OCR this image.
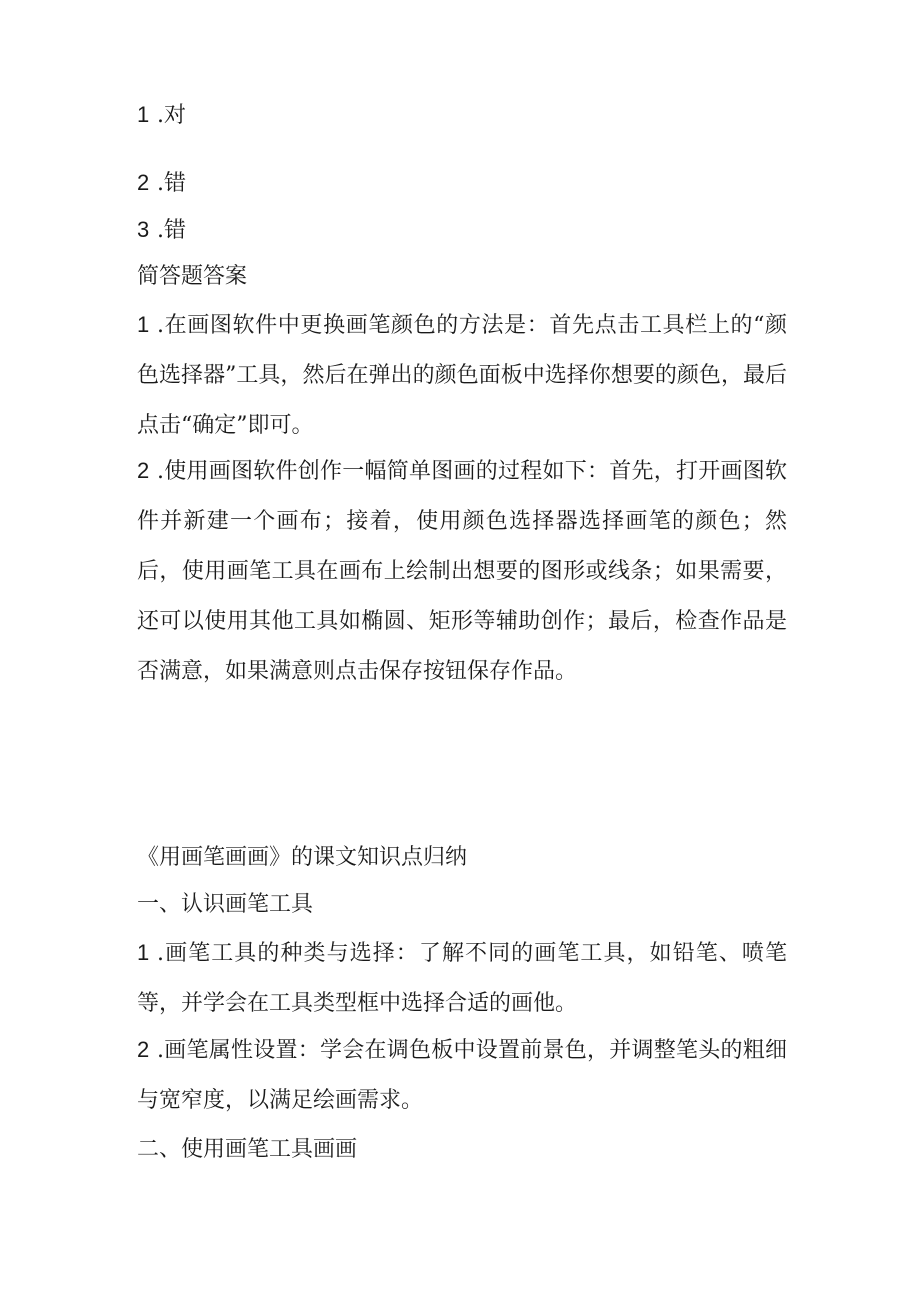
1 .对
2 .错
3 .错
简答题答案

1 .在画图软件中更换画笔颜色的方法是：首先点击工具栏上的“颜色选择器”工具，然后在弹出的颜色面板中选择你想要的颜色，最后点击“确定”即可。

2 .使用画图软件创作一幅简单图画的过程如下：首先，打开画图软件并新建一个画布；接着，使用颜色选择器选择画笔的颜色；然后，使用画笔工具在画布上绘制出想要的图形或线条；如果需要，还可以使用其他工具如椭圆、矩形等辅助创作；最后，检查作品是否满意，如果满意则点击保存按钮保存作品。

《用画笔画画》的课文知识点归纳
一、认识画笔工具

1 .画笔工具的种类与选择：了解不同的画笔工具，如铅笔、喷笔等，并学会在工具类型框中选择合适的画他。

2 .画笔属性设置：学会在调色板中设置前景色，并调整笔头的粗细与宽窄度，以满足绘画需求。

二、使用画笔工具画画
